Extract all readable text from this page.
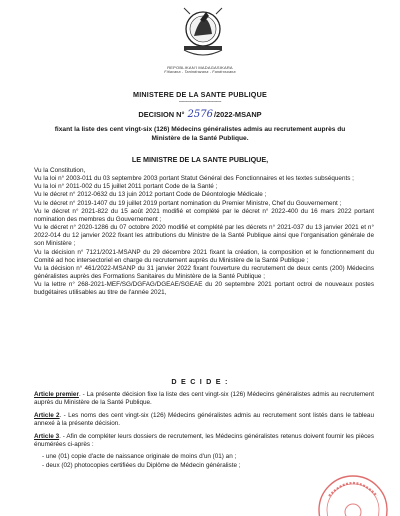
REPOBLIKAN'I MADAGASIKARA
Fitiavana - Tanindrazana - Fandrosoana
MINISTERE DE LA SANTE PUBLIQUE
-------------------------------
DECISION N° 2576/2022-MSANP
fixant la liste des cent vingt-six (126) Médecins généralistes admis au recrutement auprès du Ministère de la Santé Publique.
LE MINISTRE DE LA SANTE PUBLIQUE,

Vu la Constitution,

Vu la loi n° 2003-011 du 03 septembre 2003 portant Statut Général des Fonctionnaires et les textes subséquents ;

Vu la loi n° 2011-002 du 15 juillet 2011 portant Code de la Santé ;

Vu le décret n° 2012-0632 du 13 juin 2012 portant Code de Déontologie Médicale ;

Vu le décret n° 2019-1407 du 19 juillet 2019 portant nomination du Premier Ministre, Chef du Gouvernement ;

Vu le décret n° 2021-822 du 15 août 2021 modifié et complété par le décret n° 2022-400 du 16 mars 2022 portant nomination des membres du Gouvernement ;

Vu le décret n° 2020-1286 du 07 octobre 2020 modifié et complété par les décrets n° 2021-037 du 13 janvier 2021 et n° 2022-014 du 12 janvier 2022 fixant les attributions du Ministre de la Santé Publique ainsi que l'organisation générale de son Ministère ;

Vu la décision n° 7121/2021-MSANP du 29 décembre 2021 fixant la création, la composition et le fonctionnement du Comité ad hoc intersectoriel en charge du recrutement auprès du Ministère de la Santé Publique ;

Vu la décision n° 461/2022-MSANP du 31 janvier 2022 fixant l'ouverture du recrutement de deux cents (200) Médecins généralistes auprès des Formations Sanitaires du Ministère de la Santé Publique ;

Vu la lettre n° 268-2021-MEF/SG/DGFAG/DGEAE/SGEAE du 20 septembre 2021 portant octroi de nouveaux postes budgétaires utilisables au titre de l'année 2021,

D E C I D E :

Article premier. - La présente décision fixe la liste des cent vingt-six (126) Médecins généralistes admis au recrutement auprès du Ministère de la Santé Publique.

Article 2. - Les noms des cent vingt-six (126) Médecins généralistes admis au recrutement sont listés dans le tableau annexé à la présente décision.

Article 3. - Afin de compléter leurs dossiers de recrutement, les Médecins généralistes retenus doivent fournir les pièces énumérées ci-après :

- une (01) copie d'acte de naissance originale de moins d'un (01) an ;
- deux (02) photocopies certifiées du Diplôme de Médecin généraliste ;
